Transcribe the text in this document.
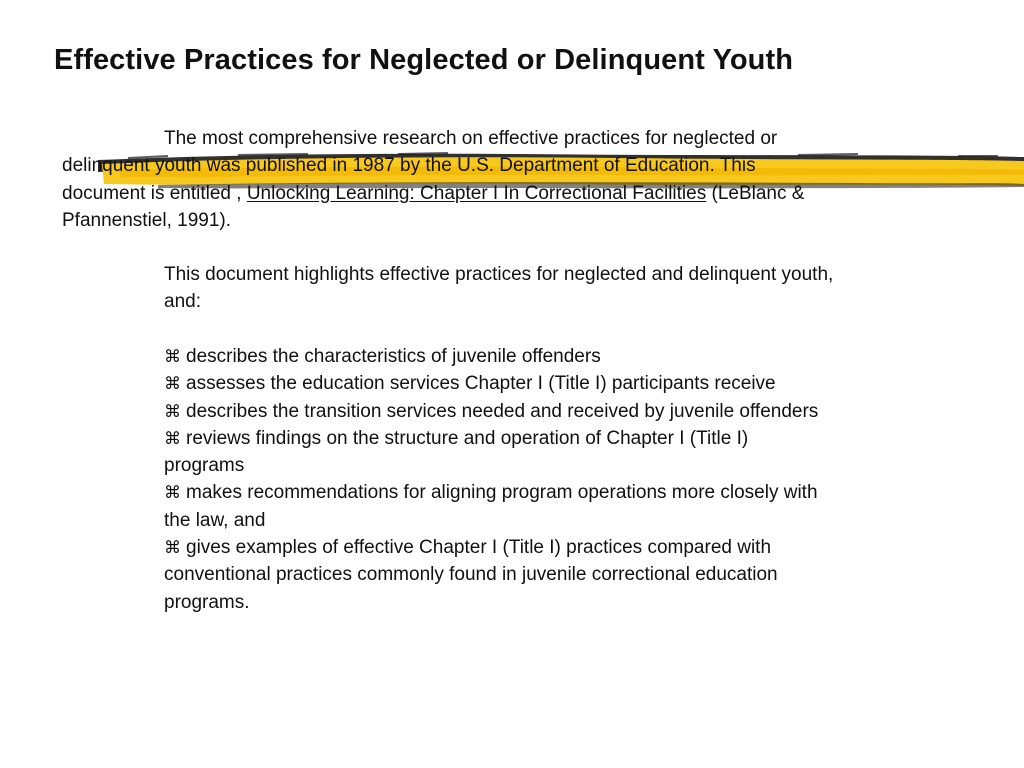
Effective Practices for Neglected or Delinquent Youth
The most comprehensive research on effective practices for neglected or
delinquent youth was published in 1987 by the U.S. Department of Education. This
document is entitled , Unlocking Learning: Chapter I In Correctional Facilities (LeBlanc &
Pfannenstiel, 1991).
This document highlights effective practices for neglected and delinquent youth,
and:
⌘ describes the characteristics of juvenile offenders
⌘ assesses the education services Chapter I (Title I) participants receive
⌘ describes the transition services needed and received by juvenile offenders
⌘ reviews findings on the structure and operation of Chapter I (Title I)
programs
⌘ makes recommendations for aligning program operations more closely with
the law, and
⌘ gives examples of effective Chapter I (Title I) practices compared with
conventional practices commonly found in juvenile correctional education
programs.
